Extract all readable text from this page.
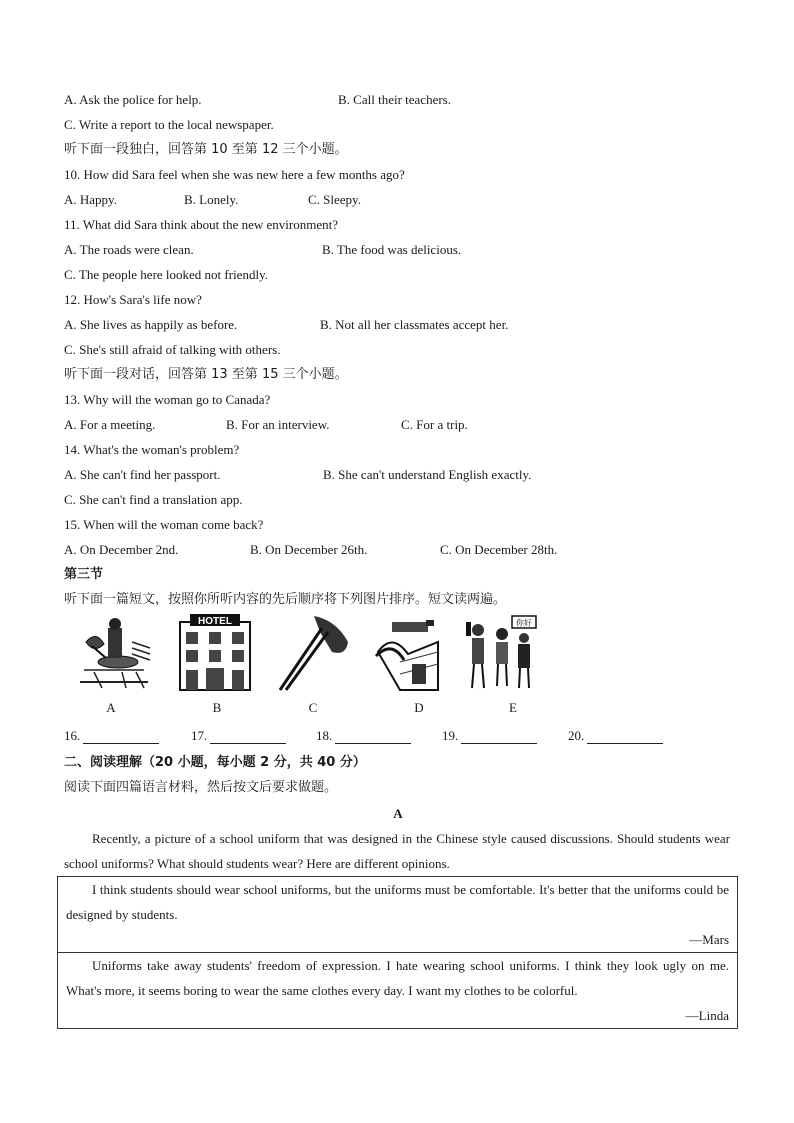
A. Ask the police for help.	B. Call their teachers.
C. Write a report to the local newspaper.
听下面一段独白，回答第 10 至第 12 三个小题。
10. How did Sara feel when she was new here a few months ago?
A. Happy.	B. Lonely.	C. Sleepy.
11. What did Sara think about the new environment?
A. The roads were clean.	B. The food was delicious.
C. The people here looked not friendly.
12. How's Sara's life now?
A. She lives as happily as before.	B. Not all her classmates accept her.
C. She's still afraid of talking with others.
听下面一段对话，回答第 13 至第 15 三个小题。
13. Why will the woman go to Canada?
A. For a meeting.	B. For an interview.	C. For a trip.
14. What's the woman's problem?
A. She can't find her passport.	B. She can't understand English exactly.
C. She can't find a translation app.
15. When will the woman come back?
A. On December 2nd.	B. On December 26th.	C. On December 28th.
第三节
听下面一篇短文，按照你所听内容的先后顺序将下列图片排序。短文读两遍。
HOTEL	你好
A	B	C	D	E
16.	17.	18.	19.	20.
二、阅读理解（20 小题，每小题 2 分，共 40 分）
阅读下面四篇语言材料，然后按文后要求做题。
A
Recently, a picture of a school uniform that was designed in the Chinese style caused discussions. Should students wear school uniforms? What should students wear? Here are different opinions.
I think students should wear school uniforms, but the uniforms must be comfortable. It's better that the uniforms could be designed by students.
—Mars
Uniforms take away students' freedom of expression. I hate wearing school uniforms. I think they look ugly on me. What's more, it seems boring to wear the same clothes every day. I want my clothes to be colorful.
—Linda
